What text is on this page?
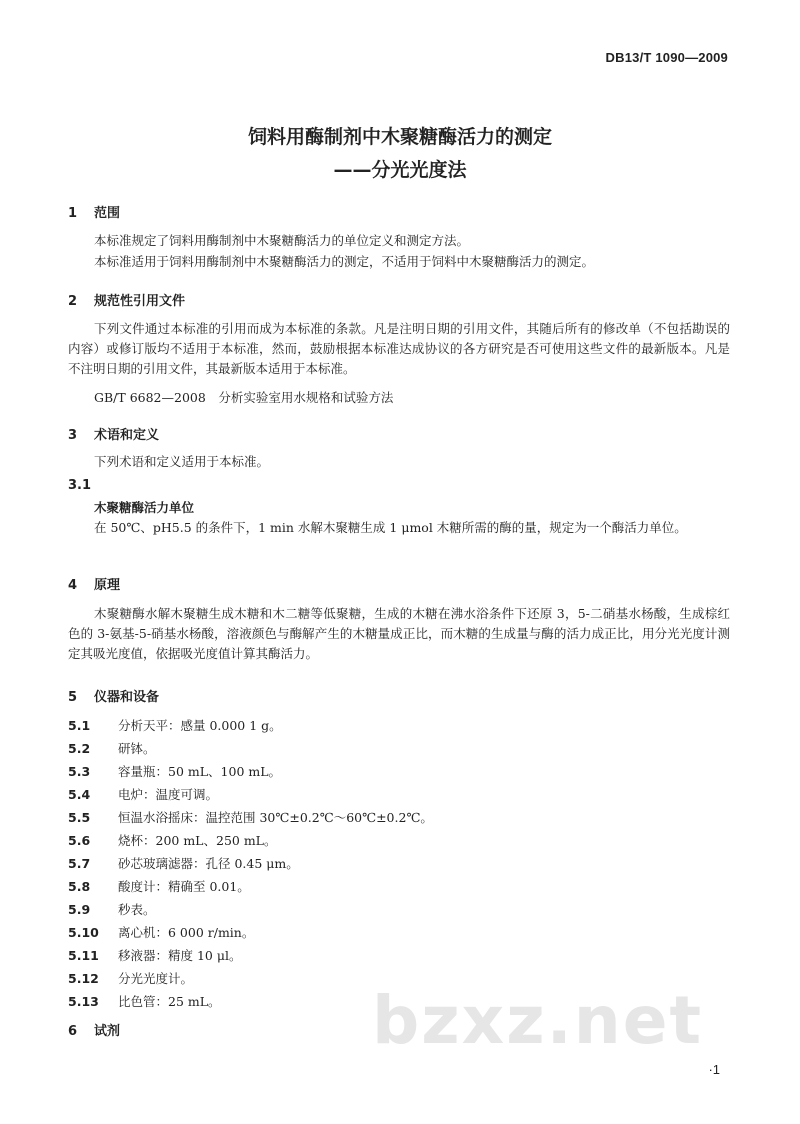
DB13/T 1090—2009
饲料用酶制剂中木聚糖酶活力的测定
——分光光度法
1 范围
本标准规定了饲料用酶制剂中木聚糖酶活力的单位定义和测定方法。
本标准适用于饲料用酶制剂中木聚糖酶活力的测定，不适用于饲料中木聚糖酶活力的测定。
2 规范性引用文件
下列文件通过本标准的引用而成为本标准的条款。凡是注明日期的引用文件，其随后所有的修改单（不包括勘误的内容）或修订版均不适用于本标准，然而，鼓励根据本标准达成协议的各方研究是否可使用这些文件的最新版本。凡是不注明日期的引用文件，其最新版本适用于本标准。
GB/T 6682—2008　分析实验室用水规格和试验方法
3 术语和定义
下列术语和定义适用于本标准。
3.1
木聚糖酶活力单位
在 50℃、pH5.5 的条件下，1 min 水解木聚糖生成 1 μmol 木糖所需的酶的量，规定为一个酶活力单位。
4 原理
木聚糖酶水解木聚糖生成木糖和木二糖等低聚糖，生成的木糖在沸水浴条件下还原 3，5-二硝基水杨酸，生成棕红色的 3-氨基-5-硝基水杨酸，溶液颜色与酶解产生的木糖量成正比，而木糖的生成量与酶的活力成正比，用分光光度计测定其吸光度值，依据吸光度值计算其酶活力。
5 仪器和设备
5.1 分析天平：感量 0.000 1 g。
5.2 研钵。
5.3 容量瓶：50 mL、100 mL。
5.4 电炉：温度可调。
5.5 恒温水浴摇床：温控范围 30℃±0.2℃～60℃±0.2℃。
5.6 烧杯：200 mL、250 mL。
5.7 砂芯玻璃滤器：孔径 0.45 μm。
5.8 酸度计：精确至 0.01。
5.9 秒表。
5.10 离心机：6 000 r/min。
5.11 移液器：精度 10 μl。
5.12 分光光度计。
5.13 比色管：25 mL。 bzxz.net
6 试剂
·1
